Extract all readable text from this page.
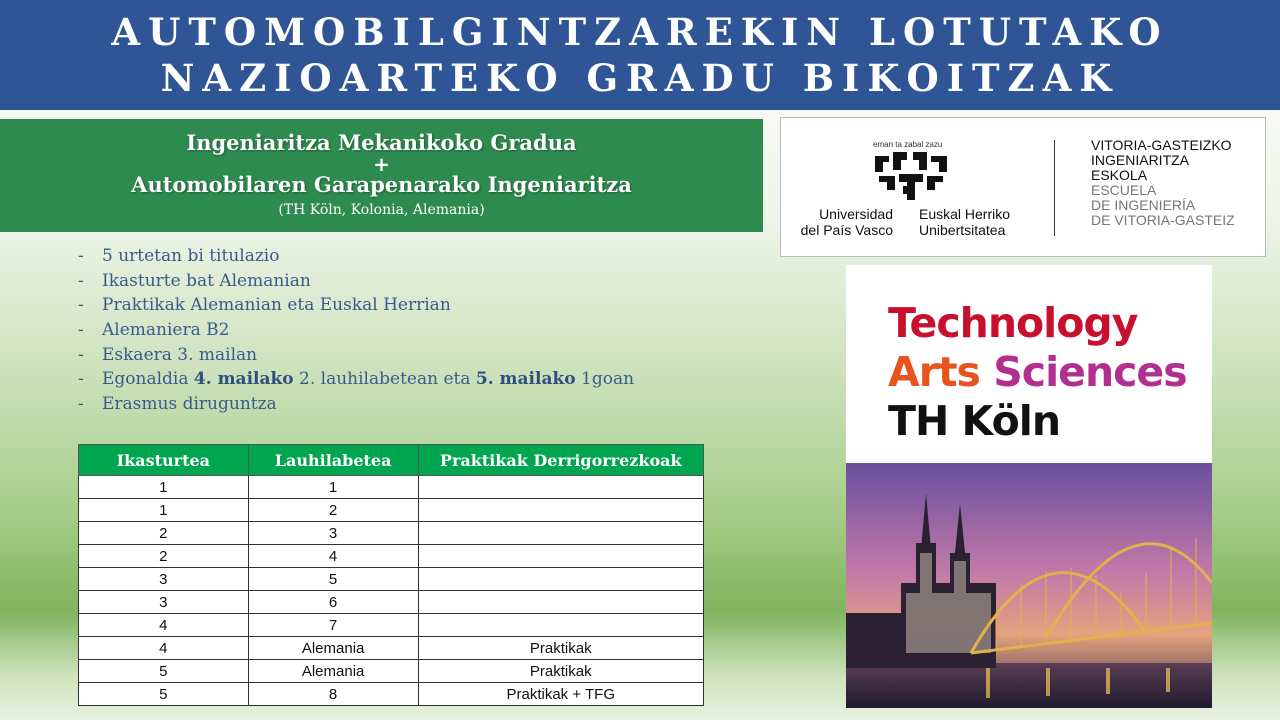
AUTOMOBILGINTZAREKIN LOTUTAKO
NAZIOARTEKO GRADU BIKOITZAK
Ingeniaritza Mekanikoko Gradua
+
Automobilaren Garapenarako Ingeniaritza
(TH Köln, Kolonia, Alemania)
- 5 urtetan bi titulazio
- Ikasturte bat Alemanian
- Praktikak Alemanian eta Euskal Herrian
- Alemaniera B2
- Eskaera 3. mailan
- Egonaldia 4. mailako 2. lauhilabetean eta 5. mailako 1goan
- Erasmus diruguntza
Ikasturtea	Lauhilabetea	Praktikak Derrigorrezkoak
1	1	
1	2	
2	3	
2	4	
3	5	
3	6	
4	7	
4	Alemania	Praktikak
5	Alemania	Praktikak
5	8	Praktikak + TFG
eman ta zabal zazu
Universidad
del País Vasco
Euskal Herriko
Unibertsitatea
VITORIA-GASTEIZKO
INGENIARITZA
ESKOLA
ESCUELA
DE INGENIERÍA
DE VITORIA-GASTEIZ
Technology
Arts Sciences
TH Köln
